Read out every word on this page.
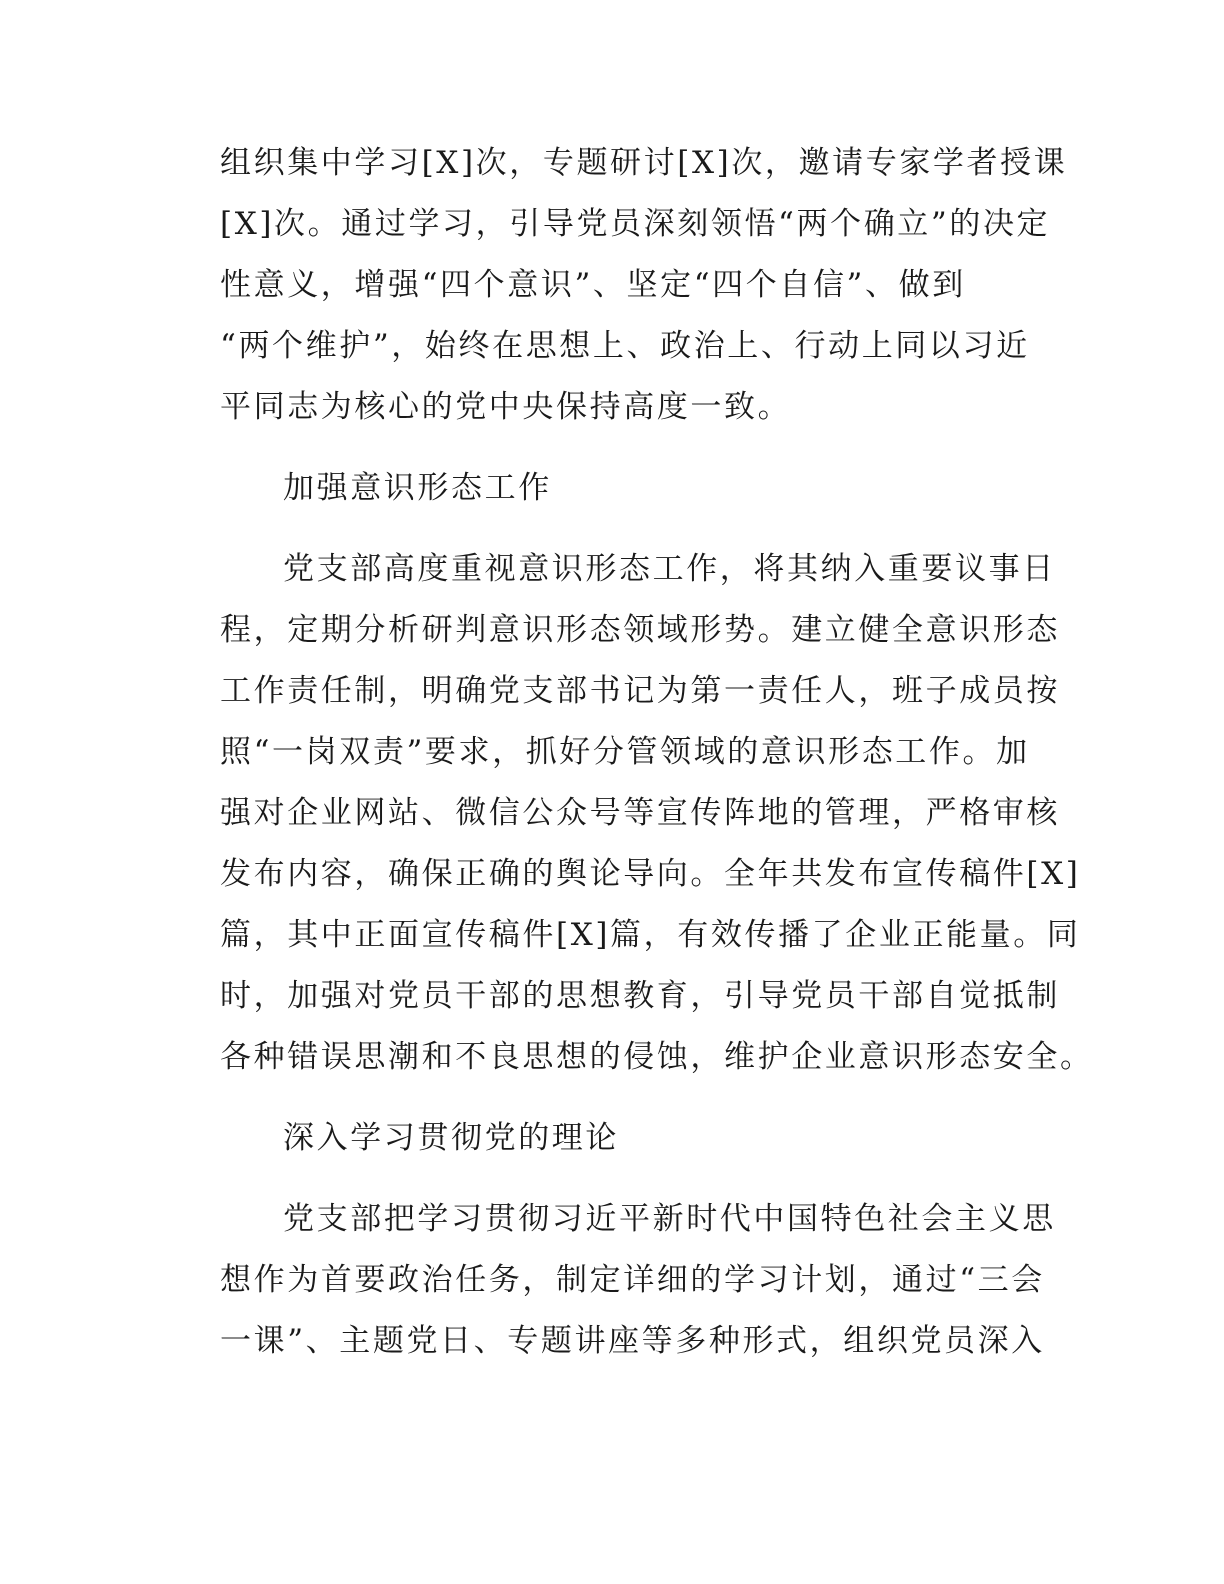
组织集中学习[X]次，专题研讨[X]次，邀请专家学者授课
[X]次。通过学习，引导党员深刻领悟“两个确立”的决定
性意义，增强“四个意识”、坚定“四个自信”、做到
“两个维护”，始终在思想上、政治上、行动上同以习近
平同志为核心的党中央保持高度一致。
加强意识形态工作
党支部高度重视意识形态工作，将其纳入重要议事日
程，定期分析研判意识形态领域形势。建立健全意识形态
工作责任制，明确党支部书记为第一责任人，班子成员按
照“一岗双责”要求，抓好分管领域的意识形态工作。加
强对企业网站、微信公众号等宣传阵地的管理，严格审核
发布内容，确保正确的舆论导向。全年共发布宣传稿件[X]
篇，其中正面宣传稿件[X]篇，有效传播了企业正能量。同
时，加强对党员干部的思想教育，引导党员干部自觉抵制
各种错误思潮和不良思想的侵蚀，维护企业意识形态安全。
深入学习贯彻党的理论
党支部把学习贯彻习近平新时代中国特色社会主义思
想作为首要政治任务，制定详细的学习计划，通过“三会
一课”、主题党日、专题讲座等多种形式，组织党员深入
